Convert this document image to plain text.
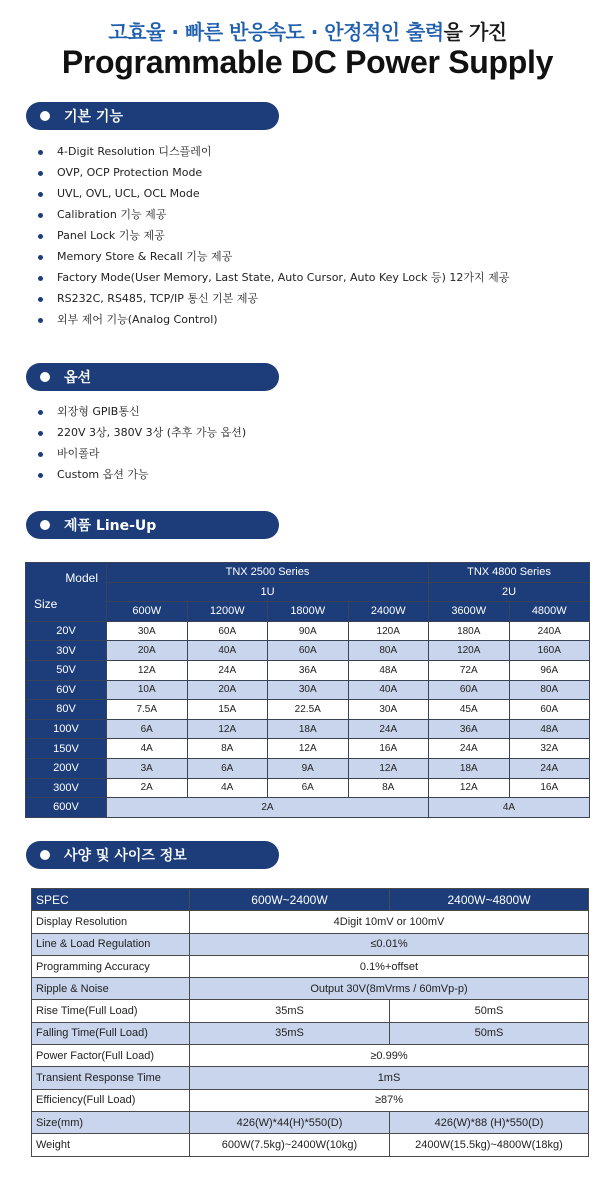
고효율 · 빠른 반응속도 · 안정적인 출력을 가진
Programmable DC Power Supply
기본 기능
4-Digit Resolution 디스플레이
OVP, OCP Protection Mode
UVL, OVL, UCL, OCL Mode
Calibration 기능 제공
Panel Lock 기능 제공
Memory Store & Recall 기능 제공
Factory Mode(User Memory, Last State, Auto Cursor, Auto Key Lock 등) 12가지 제공
RS232C, RS485, TCP/IP 통신 기본 제공
외부 제어 기능(Analog Control)
옵션
외장형 GPIB통신
220V 3상, 380V 3상 (추후 가능 옵션)
바이폴라
Custom 옵션 가능
제품 Line-Up
Model
Size	TNX 2500 Series				TNX 4800 Series	
	1U				2U	
	600W	1200W	1800W	2400W	3600W	4800W
20V	30A	60A	90A	120A	180A	240A
30V	20A	40A	60A	80A	120A	160A
50V	12A	24A	36A	48A	72A	96A
60V	10A	20A	30A	40A	60A	80A
80V	7.5A	15A	22.5A	30A	45A	60A
100V	6A	12A	18A	24A	36A	48A
150V	4A	8A	12A	16A	24A	32A
200V	3A	6A	9A	12A	18A	24A
300V	2A	4A	6A	8A	12A	16A
600V	2A				4A	
사양 및 사이즈 정보
SPEC	600W~2400W	2400W~4800W
Display Resolution	4Digit 10mV or 100mV	
Line & Load Regulation	≤0.01%	
Programming Accuracy	0.1%+offset	
Ripple & Noise	Output 30V(8mVrms / 60mVp-p)	
Rise Time(Full Load)	35mS	50mS
Falling Time(Full Load)	35mS	50mS
Power Factor(Full Load)	≥0.99%	
Transient Response Time	1mS	
Efficiency(Full Load)	≥87%	
Size(mm)	426(W)*44(H)*550(D)	426(W)*88 (H)*550(D)
Weight	600W(7.5kg)~2400W(10kg)	2400W(15.5kg)~4800W(18kg)
